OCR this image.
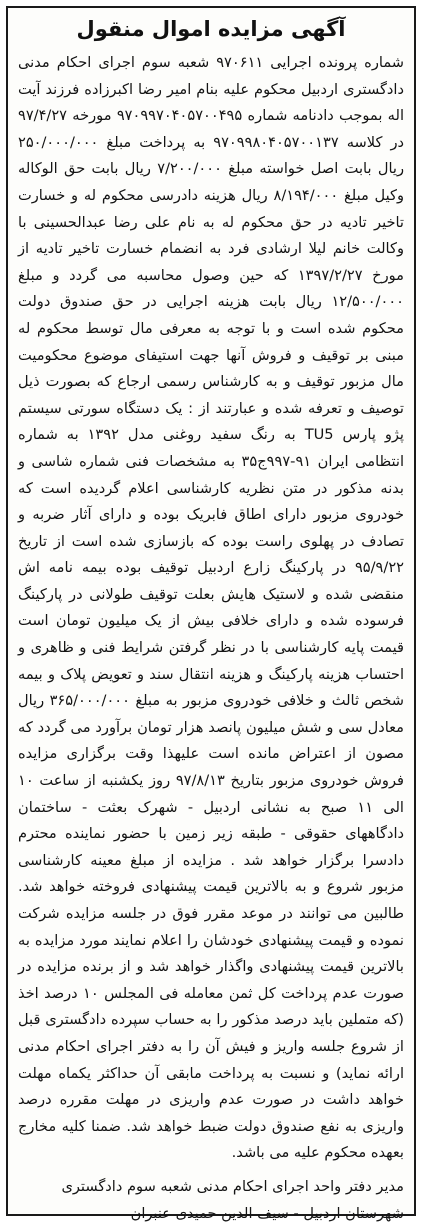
آگهی مزایده اموال منقول
شماره پرونده اجرایی ۹۷۰۶۱۱ شعبه سوم اجرای احکام مدنی دادگستری اردبیل محکوم علیه بنام امیر رضا اکبرزاده فرزند آیت اله بموجب دادنامه شماره ۹۷۰۹۹۷۰۴۰۵۷۰۰۴۹۵ مورخه ۹۷/۴/۲۷ در کلاسه ۹۷۰۹۹۸۰۴۰۵۷۰۰۱۳۷ به پرداخت مبلغ ۲۵۰/۰۰۰/۰۰۰ ریال بابت اصل خواسته مبلغ ۷/۲۰۰/۰۰۰ ریال بابت حق الوکاله وکیل مبلغ ۸/۱۹۴/۰۰۰ ریال هزینه دادرسی محکوم له و خسارت تاخیر تادیه در حق محکوم له به نام علی رضا عبدالحسینی با وکالت خانم لیلا ارشادی فرد به انضمام خسارت تاخیر تادیه از مورخ ۱۳۹۷/۲/۲۷ که حین وصول محاسبه می گردد و مبلغ ۱۲/۵۰۰/۰۰۰ ریال بابت هزینه اجرایی در حق صندوق دولت محکوم شده است و با توجه به معرفی مال توسط محکوم له مبنی بر توقیف و فروش آنها جهت استیفای موضوع محکومیت مال مزبور توقیف و به کارشناس رسمی ارجاع که بصورت ذیل توصیف و تعرفه شده و عبارتند از : یک دستگاه سورتی سیستم پژو پارس TU5 به رنگ سفید روغنی مدل ۱۳۹۲ به شماره انتظامی ایران ۹۱-۹۹۷ج۳۵ به مشخصات فنی شماره شاسی و بدنه مذکور در متن نظریه کارشناسی اعلام گردیده است که خودروی مزبور دارای اطاق فابریک بوده و دارای آثار ضربه و تصادف در پهلوی راست بوده که بازسازی شده است از تاریخ ۹۵/۹/۲۲ در پارکینگ زارع اردبیل توقیف بوده بیمه نامه اش منقضی شده و لاستیک هایش بعلت توقیف طولانی در پارکینگ فرسوده شده و دارای خلافی بیش از یک میلیون تومان است قیمت پایه کارشناسی با در نظر گرفتن شرایط فنی و ظاهری و احتساب هزینه پارکینگ و هزینه انتقال سند و تعویض پلاک و بیمه شخص ثالث و خلافی خودروی مزبور به مبلغ ۳۶۵/۰۰۰/۰۰۰ ریال معادل سی و شش میلیون پانصد هزار تومان برآورد می گردد که مصون از اعتراض مانده است علیهذا وقت برگزاری مزایده فروش خودروی مزبور بتاریخ ۹۷/۸/۱۳ روز یکشنبه از ساعت ۱۰ الی ۱۱ صبح به نشانی اردبیل - شهرک بعثت - ساختمان دادگاههای حقوقی - طبقه زیر زمین با حضور نماینده محترم دادسرا برگزار خواهد شد . مزایده از مبلغ معینه کارشناسی مزبور شروع و به بالاترین قیمت پیشنهادی فروخته خواهد شد. طالبین می توانند در موعد مقرر فوق در جلسه مزایده شرکت نموده و قیمت پیشنهادی خودشان را اعلام نمایند مورد مزایده به بالاترین قیمت پیشنهادی واگذار خواهد شد و از برنده مزایده در صورت عدم پرداخت کل ثمن معامله فی المجلس ۱۰ درصد اخذ (که متملین باید درصد مذکور را به حساب سپرده دادگستری قبل از شروع جلسه واریز و فیش آن را به دفتر اجرای احکام مدنی ارائه نماید) و نسبت به پرداخت مابقی آن حداکثر یکماه مهلت خواهد داشت در صورت عدم واریزی در مهلت مقرره درصد واریزی به نفع صندوق دولت ضبط خواهد شد. ضمنا کلیه مخارج بعهده محکوم علیه می باشد.
مدیر دفتر واحد اجرای احکام مدنی شعبه سوم دادگستری شهرستان اردبیل - سیف الدین حمیدی عنبران
